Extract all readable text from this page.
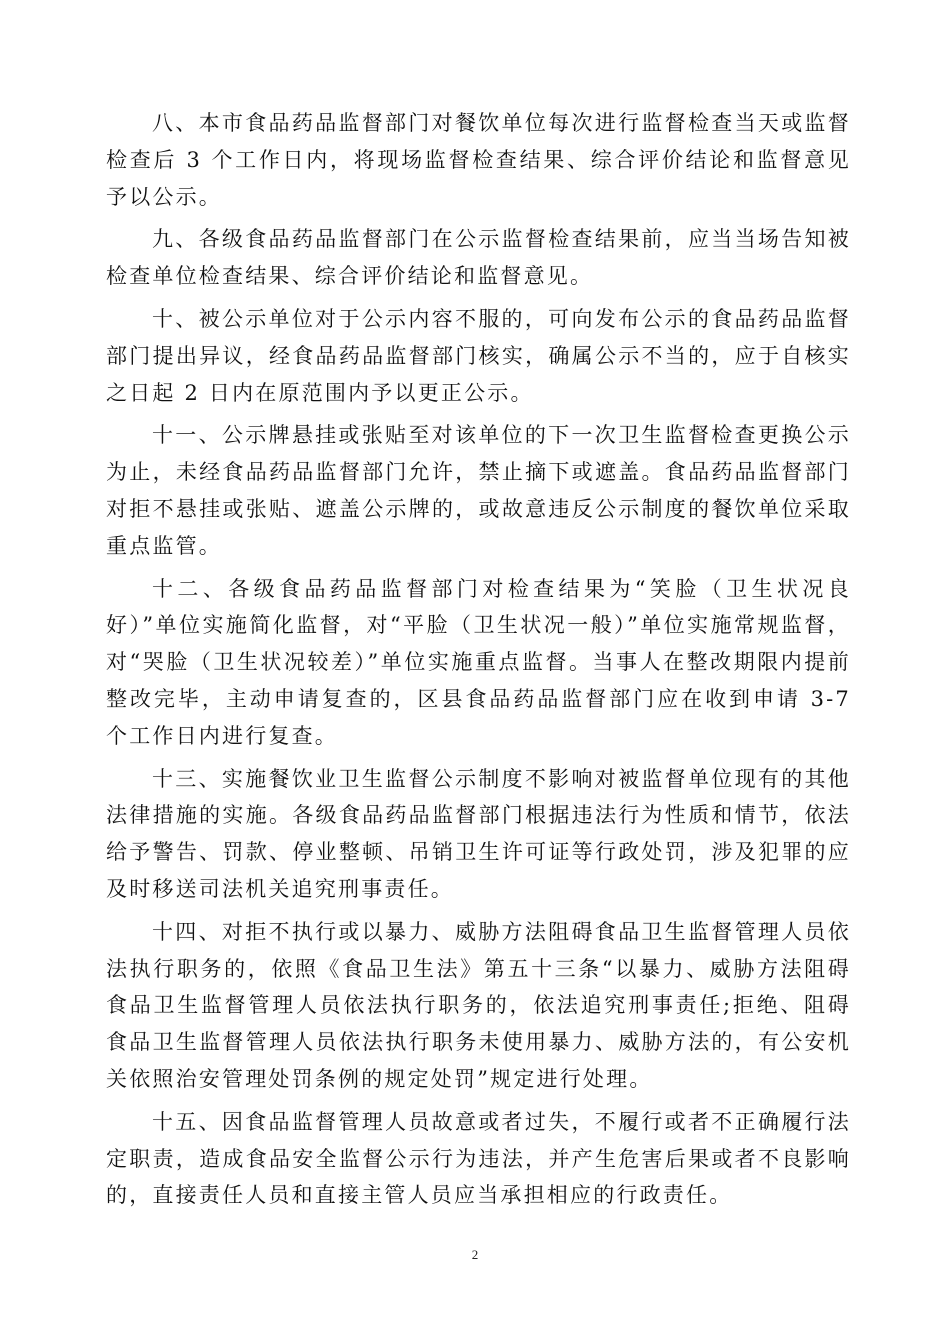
八、本市食品药品监督部门对餐饮单位每次进行监督检查当天或监督检查后 3 个工作日内，将现场监督检查结果、综合评价结论和监督意见予以公示。

九、各级食品药品监督部门在公示监督检查结果前，应当当场告知被检查单位检查结果、综合评价结论和监督意见。

十、被公示单位对于公示内容不服的，可向发布公示的食品药品监督部门提出异议，经食品药品监督部门核实，确属公示不当的，应于自核实之日起 2 日内在原范围内予以更正公示。

十一、公示牌悬挂或张贴至对该单位的下一次卫生监督检查更换公示为止，未经食品药品监督部门允许，禁止摘下或遮盖。食品药品监督部门对拒不悬挂或张贴、遮盖公示牌的，或故意违反公示制度的餐饮单位采取重点监管。

十二、各级食品药品监督部门对检查结果为“笑脸（卫生状况良好）”单位实施简化监督，对“平脸（卫生状况一般）”单位实施常规监督，对“哭脸（卫生状况较差）”单位实施重点监督。当事人在整改期限内提前整改完毕，主动申请复查的，区县食品药品监督部门应在收到申请 3-7 个工作日内进行复查。

十三、实施餐饮业卫生监督公示制度不影响对被监督单位现有的其他法律措施的实施。各级食品药品监督部门根据违法行为性质和情节，依法给予警告、罚款、停业整顿、吊销卫生许可证等行政处罚，涉及犯罪的应及时移送司法机关追究刑事责任。

十四、对拒不执行或以暴力、威胁方法阻碍食品卫生监督管理人员依法执行职务的，依照《食品卫生法》第五十三条“以暴力、威胁方法阻碍食品卫生监督管理人员依法执行职务的，依法追究刑事责任;拒绝、阻碍食品卫生监督管理人员依法执行职务未使用暴力、威胁方法的，有公安机关依照治安管理处罚条例的规定处罚”规定进行处理。

十五、因食品监督管理人员故意或者过失，不履行或者不正确履行法定职责，造成食品安全监督公示行为违法，并产生危害后果或者不良影响的，直接责任人员和直接主管人员应当承担相应的行政责任。

2
